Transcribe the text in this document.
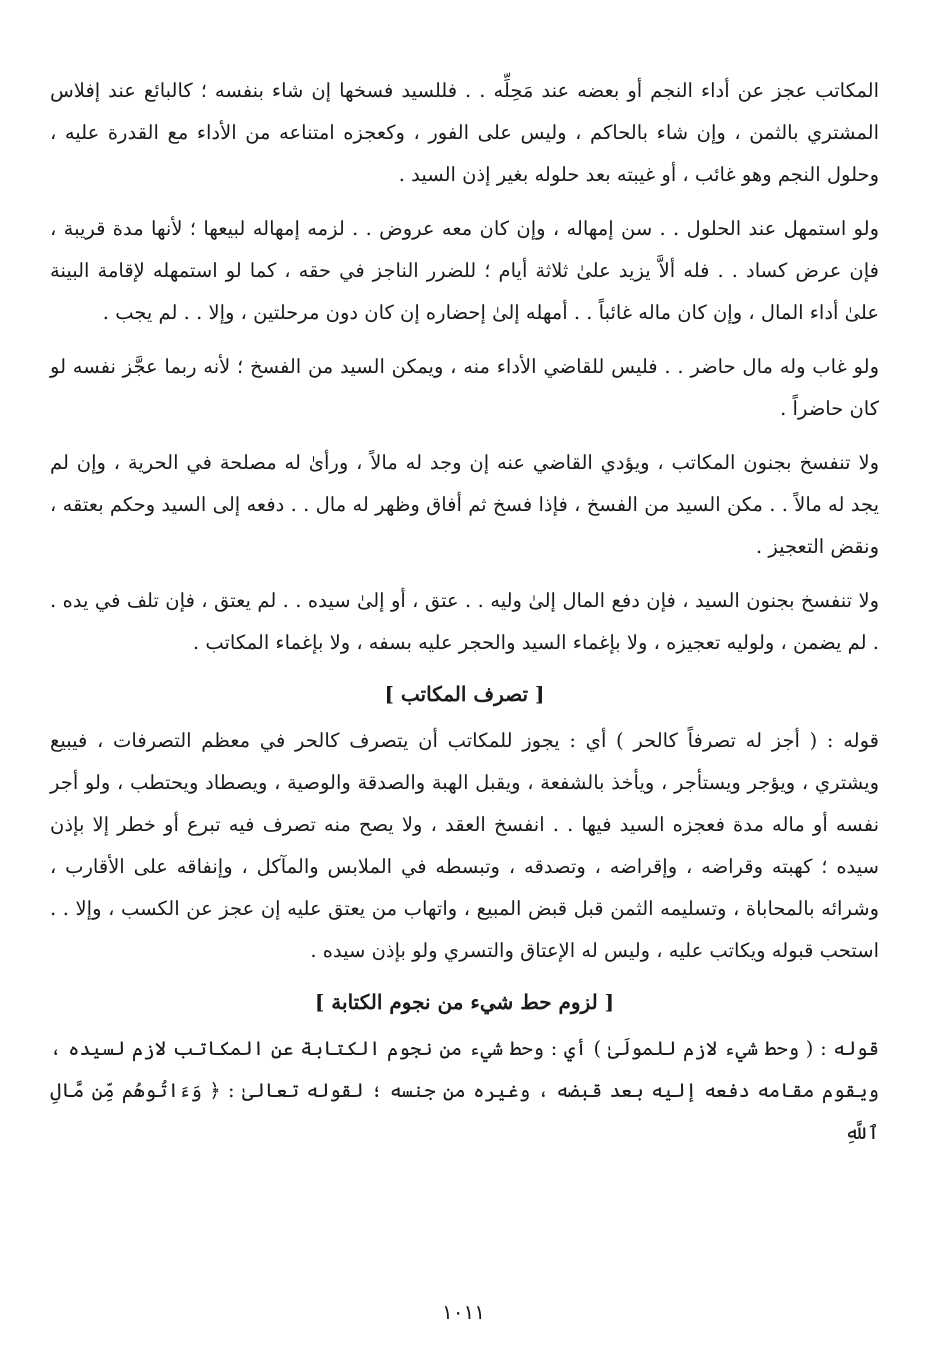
المكاتب عجز عن أداء النجم أو بعضه عند مَحِلِّه . . فللسيد فسخها إن شاء بنفسه ؛ كالبائع عند إفلاس المشتري بالثمن ، وإن شاء بالحاكم ، وليس على الفور ، وكعجزه امتناعه من الأداء مع القدرة عليه ، وحلول النجم وهو غائب ، أو غيبته بعد حلوله بغير إذن السيد .

ولو استمهل عند الحلول . . سن إمهاله ، وإن كان معه عروض . . لزمه إمهاله لبيعها ؛ لأنها مدة قريبة ، فإن عرض كساد . . فله ألاَّ يزيد علىٰ ثلاثة أيام ؛ للضرر الناجز في حقه ، كما لو استمهله لإقامة البينة علىٰ أداء المال ، وإن كان ماله غائباً . . أمهله إلىٰ إحضاره إن كان دون مرحلتين ، وإلا . . لم يجب .

ولو غاب وله مال حاضر . . فليس للقاضي الأداء منه ، ويمكن السيد من الفسخ ؛ لأنه ربما عجَّز نفسه لو كان حاضراً .

ولا تنفسخ بجنون المكاتب ، ويؤدي القاضي عنه إن وجد له مالاً ، ورأىٰ له مصلحة في الحرية ، وإن لم يجد له مالاً . . مكن السيد من الفسخ ، فإذا فسخ ثم أفاق وظهر له مال . . دفعه إلى السيد وحكم بعتقه ، ونقض التعجيز .

ولا تنفسخ بجنون السيد ، فإن دفع المال إلىٰ وليه . . عتق ، أو إلىٰ سيده . . لم يعتق ، فإن تلف في يده . . لم يضمن ، ولوليه تعجيزه ، ولا بإغماء السيد والحجر عليه بسفه ، ولا بإغماء المكاتب .

[ تصرف المكاتب ]

قوله : ( أجز له تصرفاً كالحر ) أي : يجوز للمكاتب أن يتصرف كالحر في معظم التصرفات ، فيبيع ويشتري ، ويؤجر ويستأجر ، ويأخذ بالشفعة ، ويقبل الهبة والصدقة والوصية ، ويصطاد ويحتطب ، ولو أجر نفسه أو ماله مدة فعجزه السيد فيها . . انفسخ العقد ، ولا يصح منه تصرف فيه تبرع أو خطر إلا بإذن سيده ؛ كهبته وقراضه ، وإقراضه ، وتصدقه ، وتبسطه في الملابس والمآكل ، وإنفاقه على الأقارب ، وشرائه بالمحاباة ، وتسليمه الثمن قبل قبض المبيع ، واتهاب من يعتق عليه إن عجز عن الكسب ، وإلا . . استحب قبوله ويكاتب عليه ، وليس له الإعتاق والتسري ولو بإذن سيده .

[ لزوم حط شيء من نجوم الكتابة ]

قوله : ( وحط شيء لازم للمولَىٰ ) أي : وحط شيء من نجوم الكتابة عن المكاتب لازم لسيده ، ويقوم مقامه دفعه إليه بعد قبضه ، وغيره من جنسه ؛ لقوله تعالىٰ : ﴿ وَءَاتُوهُم مِّن مَّالِ ٱللَّهِ

١٠١١
